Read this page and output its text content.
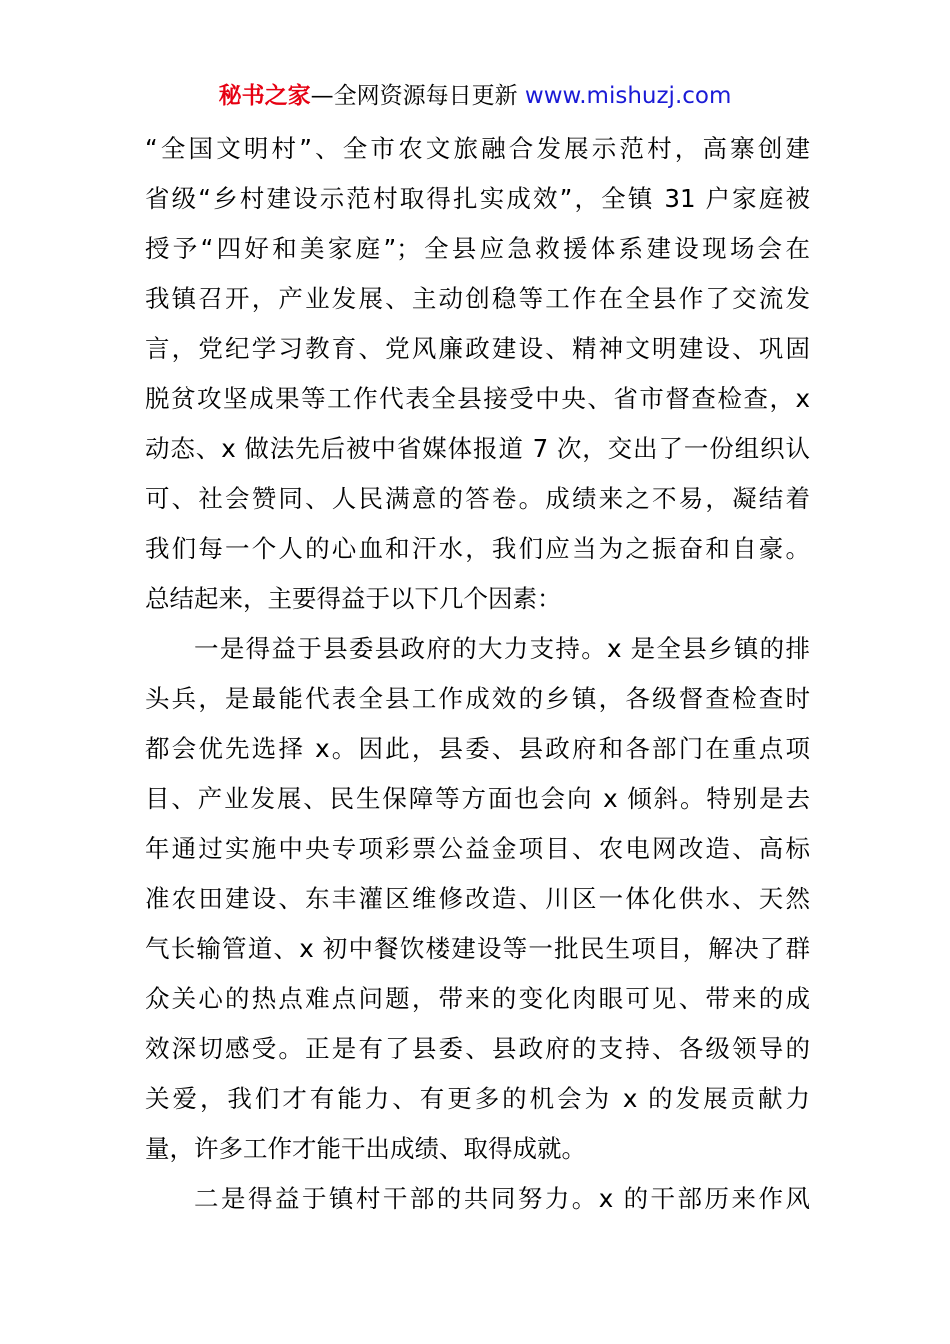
秘书之家—全网资源每日更新 www.mishuzj.com
“全国文明村”、全市农文旅融合发展示范村，高寨创建
省级“乡村建设示范村取得扎实成效”，全镇 31 户家庭被
授予“四好和美家庭”；全县应急救援体系建设现场会在
我镇召开，产业发展、主动创稳等工作在全县作了交流发
言，党纪学习教育、党风廉政建设、精神文明建设、巩固
脱贫攻坚成果等工作代表全县接受中央、省市督查检查，x
动态、x 做法先后被中省媒体报道 7 次，交出了一份组织认
可、社会赞同、人民满意的答卷。成绩来之不易，凝结着
我们每一个人的心血和汗水，我们应当为之振奋和自豪。
总结起来，主要得益于以下几个因素：
一是得益于县委县政府的大力支持。x 是全县乡镇的排
头兵，是最能代表全县工作成效的乡镇，各级督查检查时
都会优先选择 x。因此，县委、县政府和各部门在重点项
目、产业发展、民生保障等方面也会向 x 倾斜。特别是去
年通过实施中央专项彩票公益金项目、农电网改造、高标
准农田建设、东丰灌区维修改造、川区一体化供水、天然
气长输管道、x 初中餐饮楼建设等一批民生项目，解决了群
众关心的热点难点问题，带来的变化肉眼可见、带来的成
效深切感受。正是有了县委、县政府的支持、各级领导的
关爱，我们才有能力、有更多的机会为 x 的发展贡献力
量，许多工作才能干出成绩、取得成就。
二是得益于镇村干部的共同努力。x 的干部历来作风
